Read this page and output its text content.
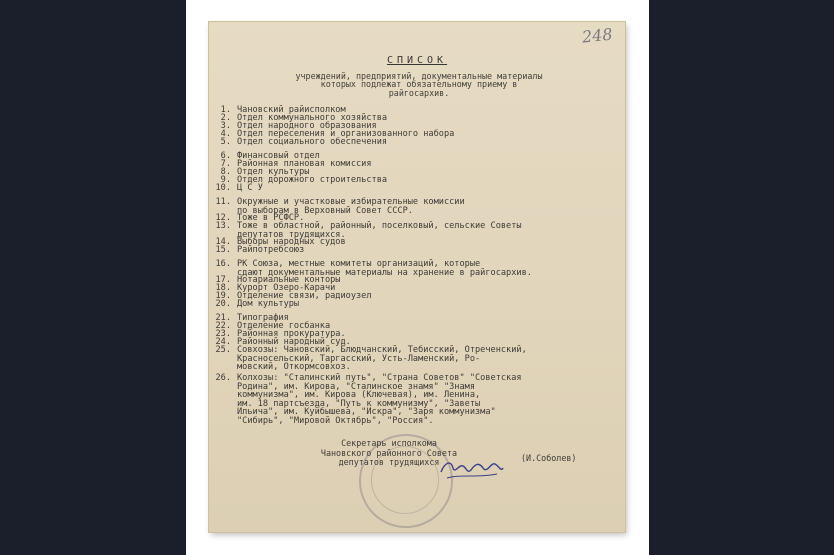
248
СПИСОК
учреждений, предприятий, документальные материалы
которых подлежат обязательному приему в
райгосархив.
1. Чановский райисполком
2. Отдел коммунального хозяйства
3. Отдел народного образования
4. Отдел переселения и организованного набора
5. Отдел социального обеспечения
6. Финансовый отдел
7. Районная плановая комиссия
8. Отдел культуры
9. Отдел дорожного строительства
10. Ц С У
11. Окружные и участковые избирательные комиссии
по выборам в Верховный Совет СССР.
12. Тоже в РСФСР.
13. Тоже в областной, районный, поселковый, сельские Советы
депутатов трудящихся.
14. Выборы народных судов
15. Райпотребсоюз
16. РК Союза, местные комитеты организаций, которые
сдают документальные материалы на хранение в райгосархив.
17. Нотариальные конторы
18. Курорт Озеро-Карачи
19. Отделение связи, радиоузел
20. Дом культуры
21. Типография
22. Отделение госбанка
23. Районная прокуратура.
24. Районный народный суд.
25. Совхозы: Чановский, Блюдчанский, Тебисский, Отреченский,
Красносельский, Таргасский, Усть-Ламенский, Ро-
мовский, Откормсовхоз.
26. Колхозы: "Сталинский путь", "Страна Советов" "Советская
Родина", им. Кирова, "Сталинское знамя" "Знамя
коммунизма", им. Кирова (Ключевая), им. Ленина,
им. 18 партсъезда, "Путь к коммунизму", "Заветы
Ильича", им. Куйбышева, "Искра", "Заря коммунизма"
"Сибирь", "Мировой Октябрь", "Россия".
Секретарь исполкома
Чановского районного Совета
депутатов трудящихся	(И.Соболев)
